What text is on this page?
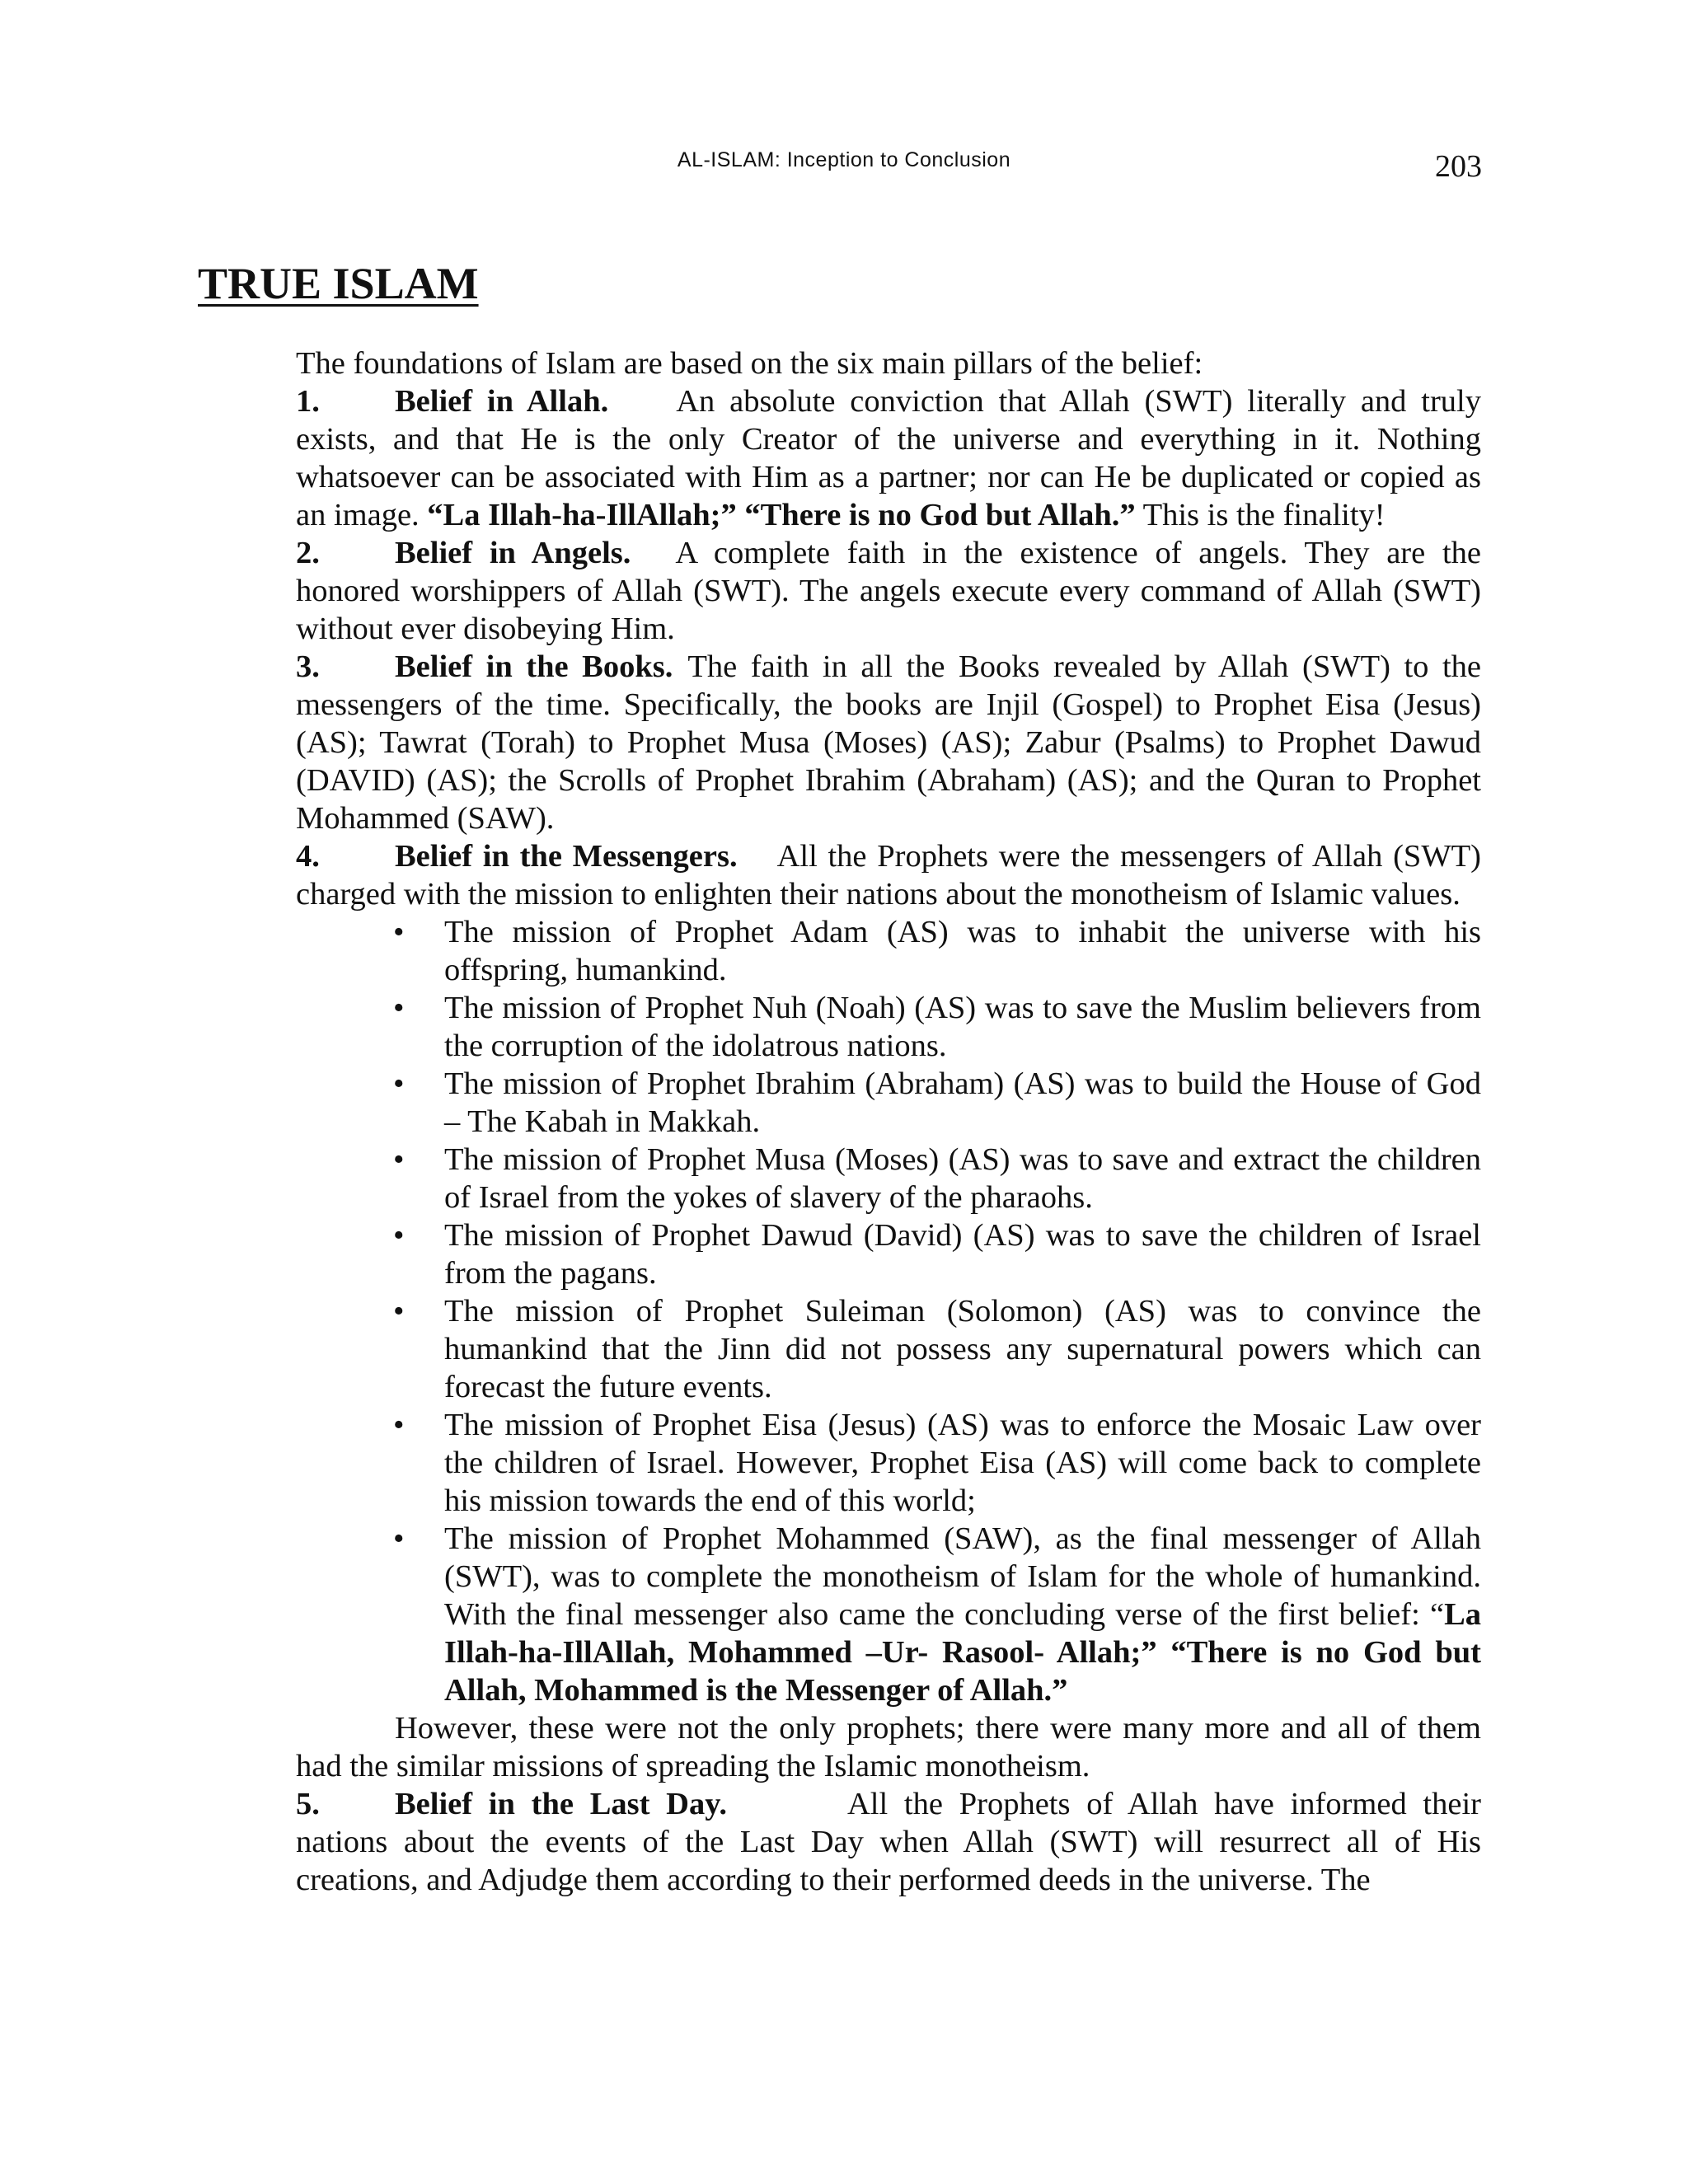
AL-ISLAM: Inception to Conclusion	203
TRUE ISLAM

The foundations of Islam are based on the six main pillars of the belief:

1. Belief in Allah. An absolute conviction that Allah (SWT) literally and truly exists, and that He is the only Creator of the universe and everything in it. Nothing whatsoever can be associated with Him as a partner; nor can He be duplicated or copied as an image. “La Illah-ha-IllAllah;” “There is no God but Allah.” This is the finality!

2. Belief in Angels. A complete faith in the existence of angels. They are the honored worshippers of Allah (SWT). The angels execute every command of Allah (SWT) without ever disobeying Him.

3. Belief in the Books. The faith in all the Books revealed by Allah (SWT) to the messengers of the time. Specifically, the books are Injil (Gospel) to Prophet Eisa (Jesus) (AS); Tawrat (Torah) to Prophet Musa (Moses) (AS); Zabur (Psalms) to Prophet Dawud (DAVID) (AS); the Scrolls of Prophet Ibrahim (Abraham) (AS); and the Quran to Prophet Mohammed (SAW).

4. Belief in the Messengers. All the Prophets were the messengers of Allah (SWT) charged with the mission to enlighten their nations about the monotheism of Islamic values.

• The mission of Prophet Adam (AS) was to inhabit the universe with his offspring, humankind.
• The mission of Prophet Nuh (Noah) (AS) was to save the Muslim believers from the corruption of the idolatrous nations.
• The mission of Prophet Ibrahim (Abraham) (AS) was to build the House of God – The Kabah in Makkah.
• The mission of Prophet Musa (Moses) (AS) was to save and extract the children of Israel from the yokes of slavery of the pharaohs.
• The mission of Prophet Dawud (David) (AS) was to save the children of Israel from the pagans.
• The mission of Prophet Suleiman (Solomon) (AS) was to convince the humankind that the Jinn did not possess any supernatural powers which can forecast the future events.
• The mission of Prophet Eisa (Jesus) (AS) was to enforce the Mosaic Law over the children of Israel. However, Prophet Eisa (AS) will come back to complete his mission towards the end of this world;
• The mission of Prophet Mohammed (SAW), as the final messenger of Allah (SWT), was to complete the monotheism of Islam for the whole of humankind. With the final messenger also came the concluding verse of the first belief: “La Illah-ha-IllAllah, Mohammed –Ur- Rasool- Allah;” “There is no God but Allah, Mohammed is the Messenger of Allah.”

However, these were not the only prophets; there were many more and all of them had the similar missions of spreading the Islamic monotheism.

5. Belief in the Last Day.	All the Prophets of Allah have informed their nations about the events of the Last Day when Allah (SWT) will resurrect all of His creations, and Adjudge them according to their performed deeds in the universe. The
